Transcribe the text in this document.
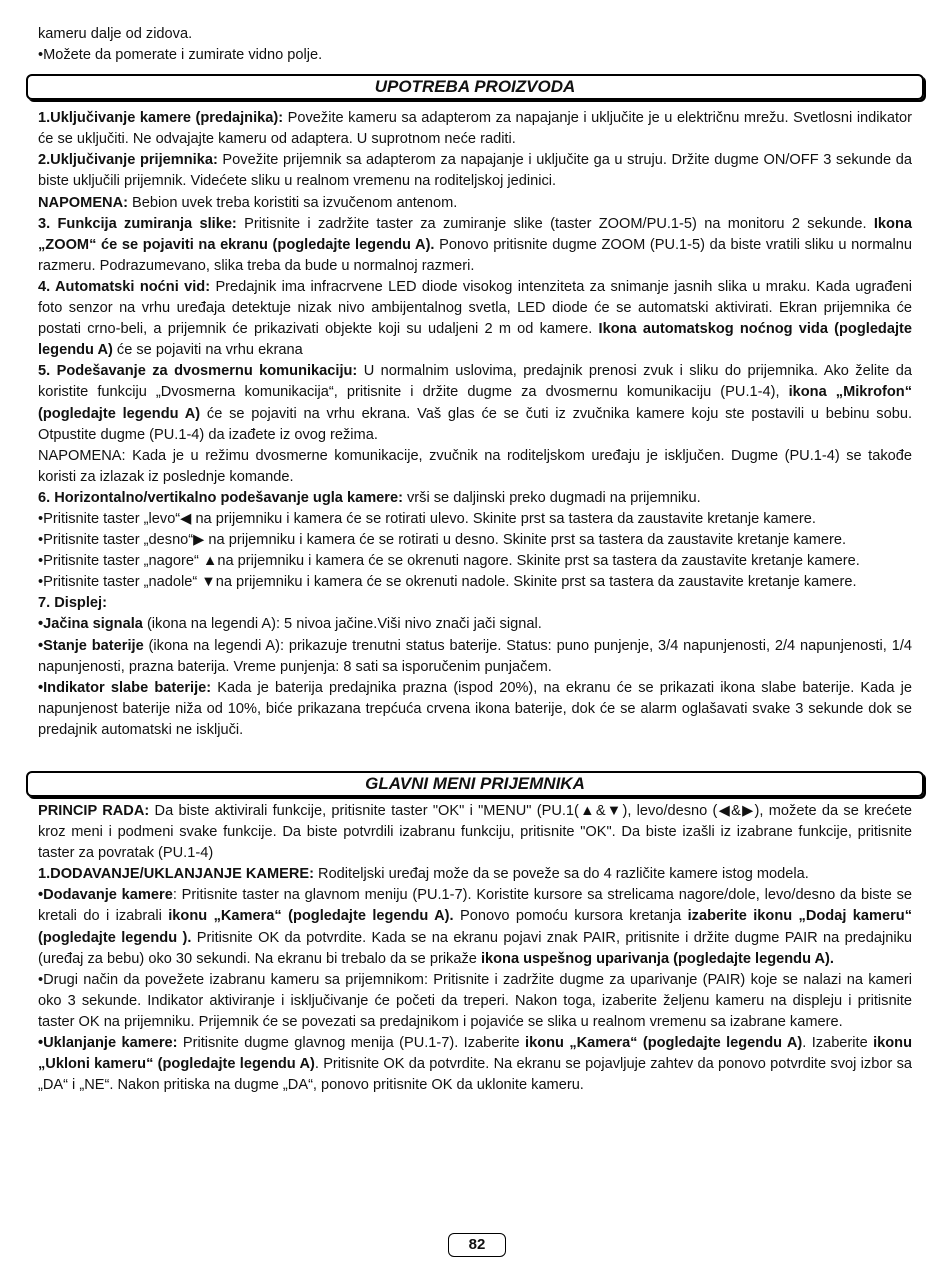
kameru dalje od zidova.

•Možete da pomerate i zumirate vidno polje.

UPOTREBA PROIZVODA

1.Uključivanje kamere (predajnika): Povežite kameru sa adapterom za napajanje i uključite je u električnu mrežu. Svetlosni indikator će se uključiti. Ne odvajajte kameru od adaptera. U suprotnom neće raditi.

2.Uključivanje prijemnika: Povežite prijemnik sa adapterom za napajanje i uključite ga u struju. Držite dugme ON/OFF 3 sekunde da biste uključili prijemnik. Videćete sliku u realnom vremenu na roditeljskoj jedinici.

NAPOMENA: Bebion uvek treba koristiti sa izvučenom antenom.

3. Funkcija zumiranja slike: Pritisnite i zadržite taster za zumiranje slike (taster ZOOM/PU.1-5) na monitoru 2 sekunde. Ikona „ZOOM“ će se pojaviti na ekranu (pogledajte legendu A). Ponovo pritisnite dugme ZOOM (PU.1-5) da biste vratili sliku u normalnu razmeru. Podrazumevano, slika treba da bude u normalnoj razmeri.

4. Automatski noćni vid: Predajnik ima infracrvene LED diode visokog intenziteta za snimanje jasnih slika u mraku. Kada ugrađeni foto senzor na vrhu uređaja detektuje nizak nivo ambijentalnog svetla, LED diode će se automatski aktivirati. Ekran prijemnika će postati crno-beli, a prijemnik će prikazivati objekte koji su udaljeni 2 m od kamere. Ikona automatskog noćnog vida (pogledajte legendu A) će se pojaviti na vrhu ekrana

5. Podešavanje za dvosmernu komunikaciju: U normalnim uslovima, predajnik prenosi zvuk i sliku do prijemnika. Ako želite da koristite funkciju „Dvosmerna komunikacija“, pritisnite i držite dugme za dvosmernu komunikaciju (PU.1-4), ikona „Mikrofon“ (pogledajte legendu A) će se pojaviti na vrhu ekrana. Vaš glas će se čuti iz zvučnika kamere koju ste postavili u bebinu sobu. Otpustite dugme (PU.1-4) da izađete iz ovog režima.

NAPOMENA: Kada je u režimu dvosmerne komunikacije, zvučnik na roditeljskom uređaju je isključen. Dugme (PU.1-4) se takođe koristi za izlazak iz poslednje komande.

6. Horizontalno/vertikalno podešavanje ugla kamere: vrši se daljinski preko dugmadi na prijemniku.

•Pritisnite taster „levo“◀ na prijemniku i kamera će se rotirati ulevo. Skinite prst sa tastera da zaustavite kretanje kamere.

•Pritisnite taster „desno“▶ na prijemniku i kamera će se rotirati u desno. Skinite prst sa tastera da zaustavite kretanje kamere.

•Pritisnite taster „nagore“ ▲na prijemniku i kamera će se okrenuti nagore. Skinite prst sa tastera da zaustavite kretanje kamere.

•Pritisnite taster „nadole“ ▼na prijemniku i kamera će se okrenuti nadole. Skinite prst sa tastera da zaustavite kretanje kamere.

7. Displej:

•Jačina signala (ikona na legendi A): 5 nivoa jačine.Viši nivo znači jači signal.

•Stanje baterije (ikona na legendi A): prikazuje trenutni status baterije. Status: puno punjenje, 3/4 napunjenosti, 2/4 napunjenosti, 1/4 napunjenosti, prazna baterija. Vreme punjenja: 8 sati sa isporučenim punjačem.

•Indikator slabe baterije: Kada je baterija predajnika prazna (ispod 20%), na ekranu će se prikazati ikona slabe baterije. Kada je napunjenost baterije niža od 10%, biće prikazana trepćuća crvena ikona baterije, dok će se alarm oglašavati svake 3 sekunde dok se predajnik automatski ne isključi.

GLAVNI MENI PRIJEMNIKA

PRINCIP RADA: Da biste aktivirali funkcije, pritisnite taster "OK" i "MENU" (PU.1(▲&▼), levo/desno (◀&▶), možete da se krećete kroz meni i podmeni svake funkcije. Da biste potvrdili izabranu funkciju, pritisnite "OK". Da biste izašli iz izabrane funkcije, pritisnite taster za povratak (PU.1-4)

1.DODAVANJE/UKLANJANJE KAMERE: Roditeljski uređaj može da se poveže sa do 4 različite kamere istog modela.

•Dodavanje kamere: Pritisnite taster na glavnom meniju (PU.1-7). Koristite kursore sa strelicama nagore/dole, levo/desno da biste se kretali do i izabrali ikonu „Kamera“ (pogledajte legendu A). Ponovo pomoću kursora kretanja izaberite ikonu „Dodaj kameru“ (pogledajte legendu ). Pritisnite OK da potvrdite. Kada se na ekranu pojavi znak PAIR, pritisnite i držite dugme PAIR na predajniku (uređaj za bebu) oko 30 sekundi. Na ekranu bi trebalo da se prikaže ikona uspešnog uparivanja (pogledajte legendu A).

•Drugi način da povežete izabranu kameru sa prijemnikom: Pritisnite i zadržite dugme za uparivanje (PAIR) koje se nalazi na kameri oko 3 sekunde. Indikator aktiviranje i isključivanje će početi da treperi. Nakon toga, izaberite željenu kameru na displeju i pritisnite taster OK na prijemniku. Prijemnik će se povezati sa predajnikom i pojaviće se slika u realnom vremenu sa izabrane kamere.

•Uklanjanje kamere: Pritisnite dugme glavnog menija (PU.1-7). Izaberite ikonu „Kamera“ (pogledajte legendu A). Izaberite ikonu „Ukloni kameru“ (pogledajte legendu A). Pritisnite OK da potvrdite. Na ekranu se pojavljuje zahtev da ponovo potvrdite svoj izbor sa „DA“ i „NE“. Nakon pritiska na dugme „DA“, ponovo pritisnite OK da uklonite kameru.

82
